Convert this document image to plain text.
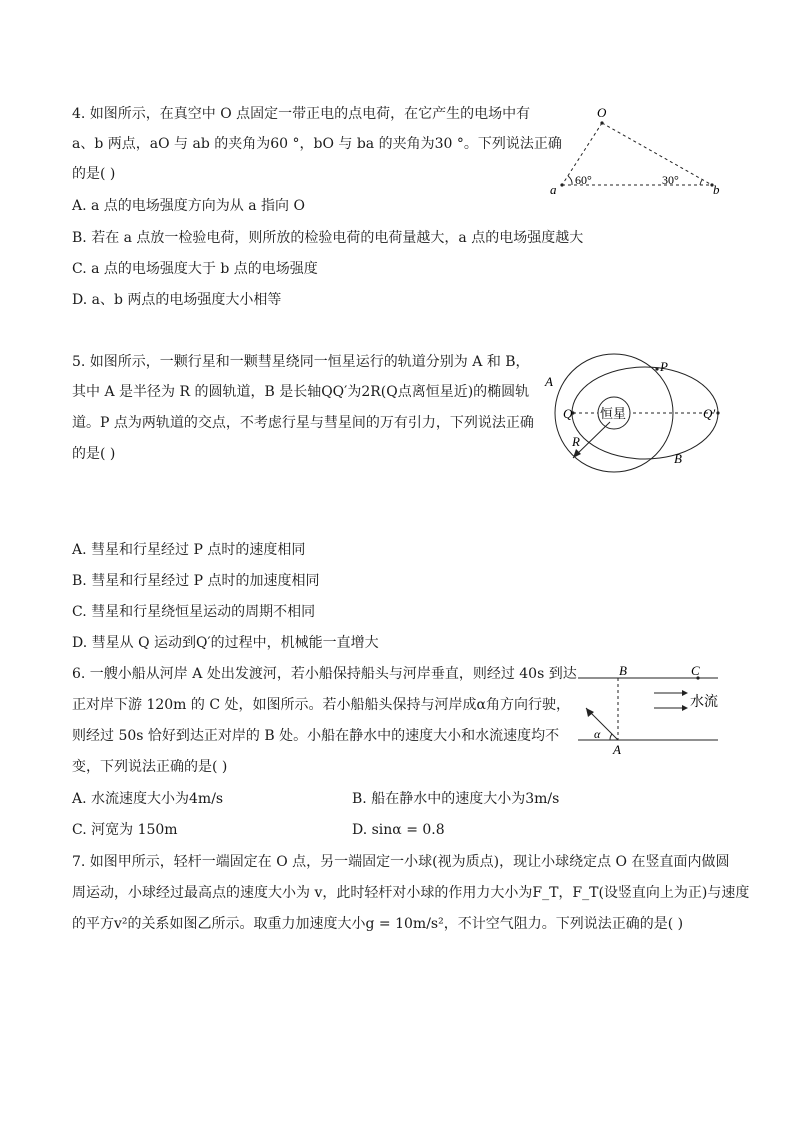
4. 如图所示，在真空中 O 点固定一带正电的点电荷，在它产生的电场中有
a、b 两点，aO 与 ab 的夹角为60 °，bO 与 ba 的夹角为30 °。下列说法正确
的是( )
A. a 点的电场强度方向为从 a 指向 O
B. 若在 a 点放一检验电荷，则所放的检验电荷的电荷量越大，a 点的电场强度越大
C. a 点的电场强度大于 b 点的电场强度
D. a、b 两点的电场强度大小相等
O
a	b
60°	30°
5. 如图所示，一颗行星和一颗彗星绕同一恒星运行的轨道分别为 A 和 B，
其中 A 是半径为 R 的圆轨道，B 是长轴QQ′为2R(Q点离恒星近)的椭圆轨
道。P 点为两轨道的交点，不考虑行星与彗星间的万有引力，下列说法正确
的是( )
A. 彗星和行星经过 P 点时的速度相同
B. 彗星和行星经过 P 点时的加速度相同
C. 彗星和行星绕恒星运动的周期不相同
D. 彗星从 Q 运动到Q′的过程中，机械能一直增大
恒星
A
B
P
Q	Q′
R
6. 一艘小船从河岸 A 处出发渡河，若小船保持船头与河岸垂直，则经过 40s 到达
正对岸下游 120m 的 C 处，如图所示。若小船船头保持与河岸成α角方向行驶，
则经过 50s 恰好到达正对岸的 B 处。小船在静水中的速度大小和水流速度均不
变，下列说法正确的是( )
A. 水流速度大小为4m/s	B. 船在静水中的速度大小为3m/s
C. 河宽为 150m	D. sinα = 0.8
B	C
A
α
水流
7. 如图甲所示，轻杆一端固定在 O 点，另一端固定一小球(视为质点)，现让小球绕定点 O 在竖直面内做圆
周运动，小球经过最高点的速度大小为 v，此时轻杆对小球的作用力大小为F_T，F_T(设竖直向上为正)与速度
的平方v²的关系如图乙所示。取重力加速度大小g = 10m/s²，不计空气阻力。下列说法正确的是( )
